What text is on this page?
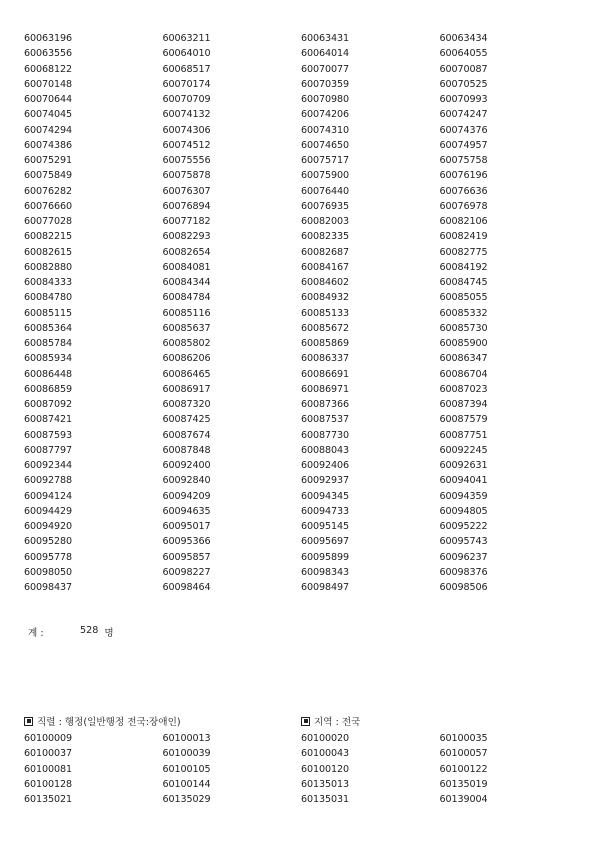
60063196	60063211	60063431	60063434
60063556	60064010	60064014	60064055
60068122	60068517	60070077	60070087
60070148	60070174	60070359	60070525
60070644	60070709	60070980	60070993
60074045	60074132	60074206	60074247
60074294	60074306	60074310	60074376
60074386	60074512	60074650	60074957
60075291	60075556	60075717	60075758
60075849	60075878	60075900	60076196
60076282	60076307	60076440	60076636
60076660	60076894	60076935	60076978
60077028	60077182	60082003	60082106
60082215	60082293	60082335	60082419
60082615	60082654	60082687	60082775
60082880	60084081	60084167	60084192
60084333	60084344	60084602	60084745
60084780	60084784	60084932	60085055
60085115	60085116	60085133	60085332
60085364	60085637	60085672	60085730
60085784	60085802	60085869	60085900
60085934	60086206	60086337	60086347
60086448	60086465	60086691	60086704
60086859	60086917	60086971	60087023
60087092	60087320	60087366	60087394
60087421	60087425	60087537	60087579
60087593	60087674	60087730	60087751
60087797	60087848	60088043	60092245
60092344	60092400	60092406	60092631
60092788	60092840	60092937	60094041
60094124	60094209	60094345	60094359
60094429	60094635	60094733	60094805
60094920	60095017	60095145	60095222
60095280	60095366	60095697	60095743
60095778	60095857	60095899	60096237
60098050	60098227	60098343	60098376
60098437	60098464	60098497	60098506
계 :	528 명
직렬 : 행정(일반행정 전국:장애인)	지역 : 전국
60100009	60100013	60100020	60100035
60100037	60100039	60100043	60100057
60100081	60100105	60100120	60100122
60100128	60100144	60135013	60135019
60135021	60135029	60135031	60139004
